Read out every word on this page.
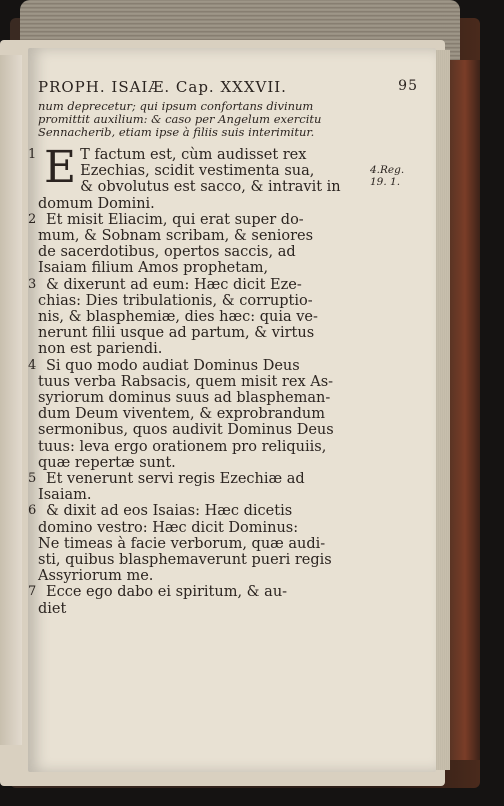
PROPH. ISAIÆ. Cap. XXXVII.	95
num deprecetur; qui ipsum confortans divinum promittit auxilium: & caso per Angelum exercitu Sennacherib, etiam ipse à filiis suis interimitur.
1 E T factum est, cùm audisset rex
Ezechias, scidit vestimenta sua,
& obvolutus est sacco, & intravit in
domum Domini.
2 Et misit Eliacim, qui erat super do-
mum, & Sobnam scribam, & seniores
de sacerdotibus, opertos saccis, ad
Isaiam filium Amos prophetam,
3 & dixerunt ad eum: Hæc dicit Eze-
chias: Dies tribulationis, & corruptio-
nis, & blasphemiæ, dies hæc: quia ve-
nerunt filii usque ad partum, & virtus
non est pariendi.
4 Si quo modo audiat Dominus Deus
tuus verba Rabsacis, quem misit rex As-
syriorum dominus suus ad blaspheman-
dum Deum viventem, & exprobrandum
sermonibus, quos audivit Dominus Deus
tuus: leva ergo orationem pro reliquiis,
quæ repertæ sunt.
5 Et venerunt servi regis Ezechiæ ad
Isaiam.
6 & dixit ad eos Isaias: Hæc dicetis
domino vestro: Hæc dicit Dominus:
Ne timeas à facie verborum, quæ audi-
sti, quibus blasphemaverunt pueri regis
Assyriorum me.
7 Ecce ego dabo ei spiritum, & au-
diet
4.Reg.
19. 1.
